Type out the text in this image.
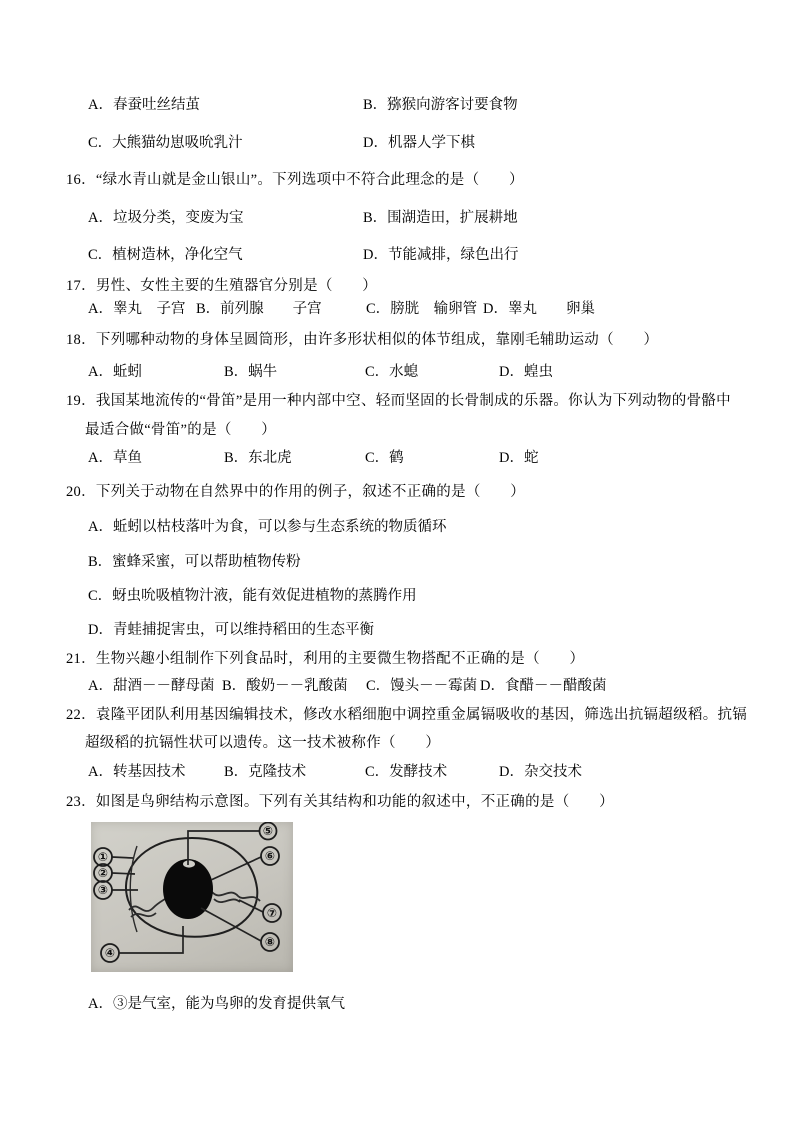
A．春蚕吐丝结茧	B．猕猴向游客讨要食物
C．大熊猫幼崽吸吮乳汁	D．机器人学下棋
16．“绿水青山就是金山银山”。下列选项中不符合此理念的是（　　）
A．垃圾分类，变废为宝	B．围湖造田，扩展耕地
C．植树造林，净化空气	D．节能减排，绿色出行
17．男性、女性主要的生殖器官分别是（　　）
A．睾丸　子宫 B．前列腺　　子宫	C．膀胱　输卵管 D．睾丸　　卵巢
18．下列哪种动物的身体呈圆筒形，由许多形状相似的体节组成，靠刚毛辅助运动（　　）
A．蚯蚓	B．蜗牛	C．水螅	D．蝗虫
19．我国某地流传的“骨笛”是用一种内部中空、轻而坚固的长骨制成的乐器。你认为下列动物的骨骼中
最适合做“骨笛”的是（　　）
A．草鱼	B．东北虎	C．鹤	D．蛇
20．下列关于动物在自然界中的作用的例子，叙述不正确的是（　　）
A．蚯蚓以枯枝落叶为食，可以参与生态系统的物质循环
B．蜜蜂采蜜，可以帮助植物传粉
C．蚜虫吮吸植物汁液，能有效促进植物的蒸腾作用
D．青蛙捕捉害虫，可以维持稻田的生态平衡
21．生物兴趣小组制作下列食品时，利用的主要微生物搭配不正确的是（　　）
A．甜酒－－酵母菌 B．酸奶－－乳酸菌 C．馒头－－霉菌 D．食醋－－醋酸菌
22．袁隆平团队利用基因编辑技术，修改水稻细胞中调控重金属镉吸收的基因，筛选出抗镉超级稻。抗镉
超级稻的抗镉性状可以遗传。这一技术被称作（　　）
A．转基因技术	B．克隆技术	C．发酵技术	D．杂交技术
23．如图是鸟卵结构示意图。下列有关其结构和功能的叙述中，不正确的是（　　）
①
②
③
④
⑤
⑥
⑦
⑧
A．③是气室，能为鸟卵的发育提供氧气
